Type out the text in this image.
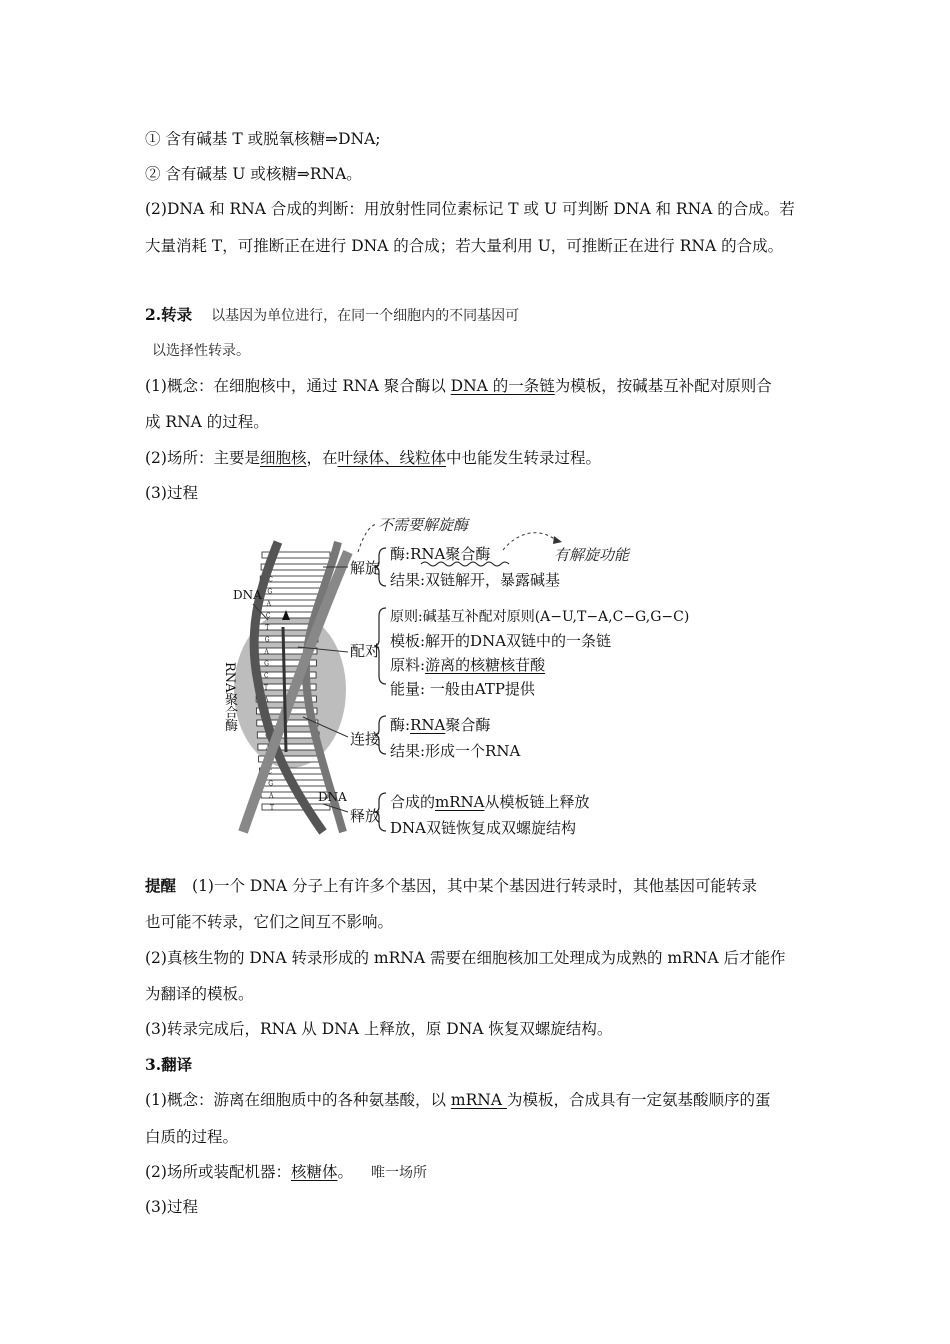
① 含有碱基 T 或脱氧核糖⇒DNA;
② 含有碱基 U 或核糖⇒RNA。
(2)DNA 和 RNA 合成的判断：用放射性同位素标记 T 或 U 可判断 DNA 和 RNA 的合成。若
大量消耗 T，可推断正在进行 DNA 的合成；若大量利用 U，可推断正在进行 RNA 的合成。
2.转录 以基因为单位进行，在同一个细胞内的不同基因可
以选择性转录。
(1)概念：在细胞核中，通过 RNA 聚合酶以 DNA 的一条链为模板，按碱基互补配对原则合
成 RNA 的过程。
(2)场所：主要是细胞核，在叶绿体、线粒体中也能发生转录过程。
(3)过程
A
T
C
G
A
C
T
G
A
G
C
T
A
G
C
G
A
T
C
G
A
T
不需要解旋酶
有解旋功能
DNA
DNA
RNA聚合酶
解旋
酶:RNA聚合酶
结果:双链解开，暴露碱基
配对
原则:碱基互补配对原则(A−U,T−A,C−G,G−C)
模板:解开的DNA双链中的一条链
原料:游离的核糖核苷酸
能量: 一般由ATP提供
连接
酶:RNA聚合酶
结果:形成一个RNA
释放
合成的mRNA从模板链上释放
DNA双链恢复成双螺旋结构
提醒 (1)一个 DNA 分子上有许多个基因，其中某个基因进行转录时，其他基因可能转录
也可能不转录，它们之间互不影响。
(2)真核生物的 DNA 转录形成的 mRNA 需要在细胞核加工处理成为成熟的 mRNA 后才能作
为翻译的模板。
(3)转录完成后，RNA 从 DNA 上释放，原 DNA 恢复双螺旋结构。
3.翻译
(1)概念：游离在细胞质中的各种氨基酸，以 mRNA 为模板，合成具有一定氨基酸顺序的蛋
白质的过程。
(2)场所或装配机器：核糖体。 唯一场所
(3)过程
